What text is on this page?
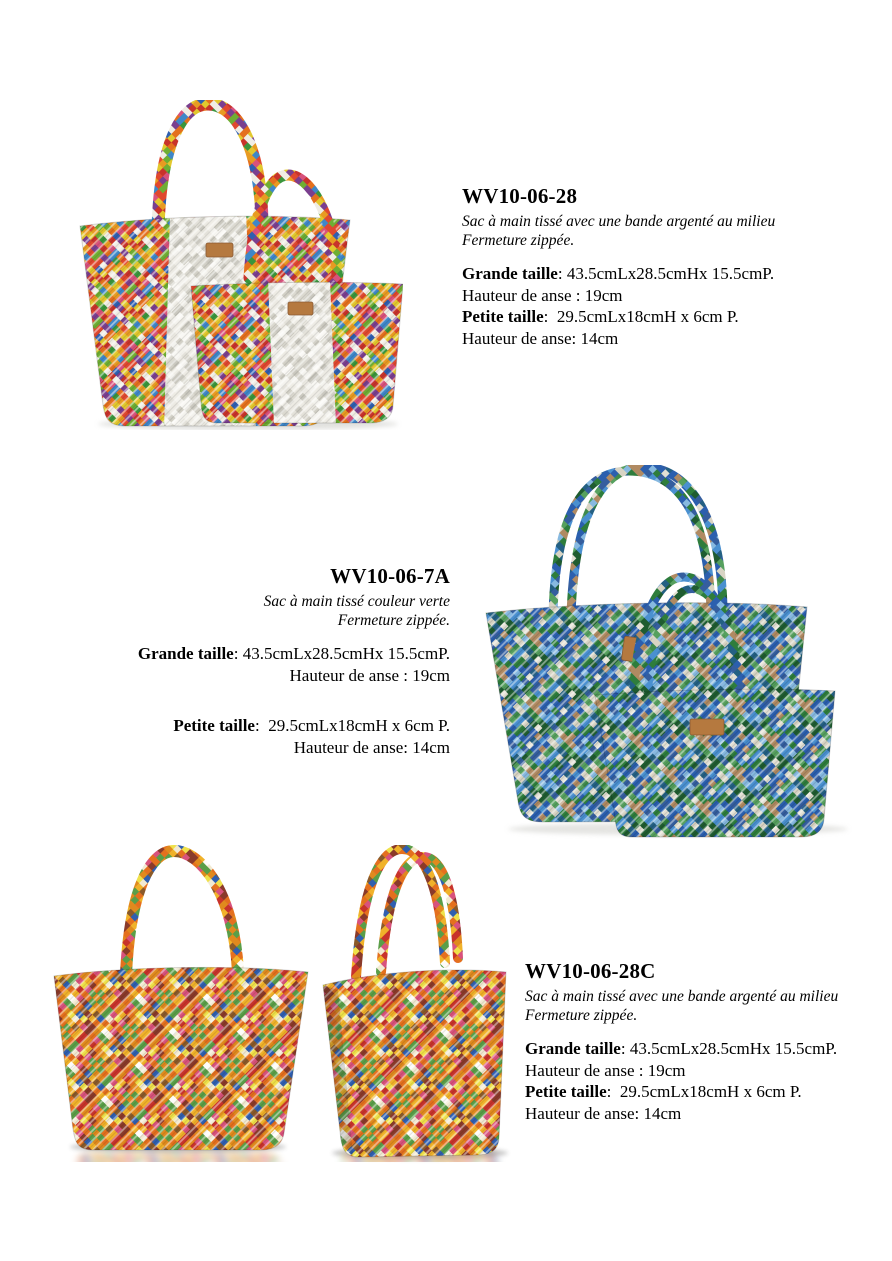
WV10-06-28
Sac à main tissé avec une bande argenté au milieu
Fermeture zippée.
Grande taille: 43.5cmLx28.5cmHx 15.5cmP.
Hauteur de anse : 19cm
Petite taille:  29.5cmLx18cmH x 6cm P.
Hauteur de anse: 14cm
WV10-06-7A
Sac à main tissé couleur verte
Fermeture zippée.
Grande taille: 43.5cmLx28.5cmHx 15.5cmP.
Hauteur de anse : 19cm
Petite taille:  29.5cmLx18cmH x 6cm P.
Hauteur de anse: 14cm
WV10-06-28C
Sac à main tissé avec une bande argenté au milieu
Fermeture zippée.
Grande taille: 43.5cmLx28.5cmHx 15.5cmP.
Hauteur de anse : 19cm
Petite taille:  29.5cmLx18cmH x 6cm P.
Hauteur de anse: 14cm
